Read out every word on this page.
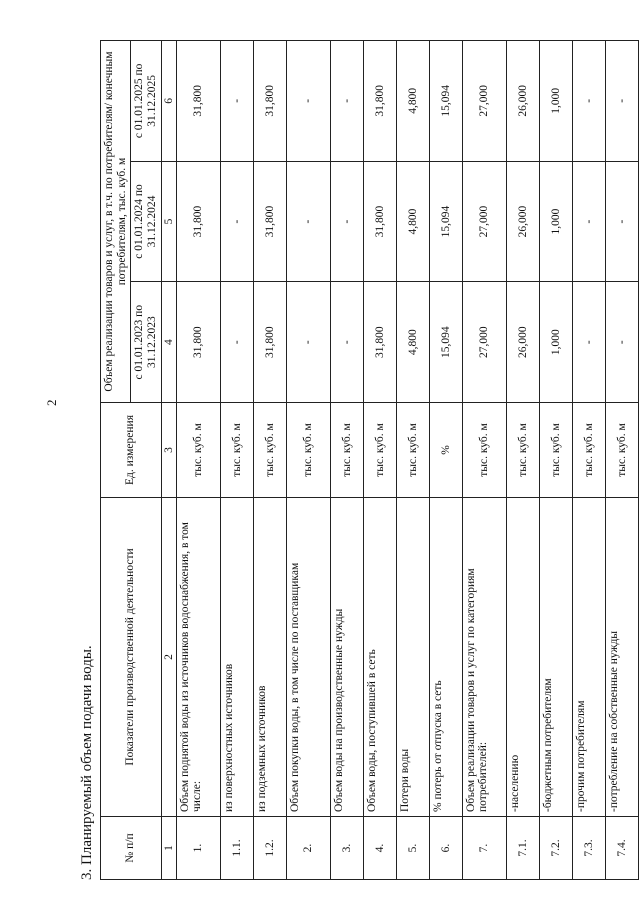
2
3. Планируемый объем подачи воды.	№ п/п	Показатели производственной деятельности	Ед. измерения	Объем реализации товаров и услуг, в т.ч. по потребителям/ конечным потребителям, тыс. куб. м		
			с 01.01.2023 по 31.12.2023	с 01.01.2024 по 31.12.2024	с 01.01.2025 по 31.12.2025
1	2	3	4	5	6
1.	Объем поднятой воды из источников водоснабжения, в том числе:	тыс. куб. м	31,800	31,800	31,800
1.1.	из поверхностных источников	тыс. куб. м	-	-	-
1.2.	из подземных источников	тыс. куб. м	31,800	31,800	31,800
2.	Объем покупки воды, в том числе по поставщикам	тыс. куб. м	-	-	-
3.	Объем воды на производственные нужды	тыс. куб. м	-	-	-
4.	Объем воды, поступившей в сеть	тыс. куб. м	31,800	31,800	31,800
5.	Потери воды	тыс. куб. м	4,800	4,800	4,800
6.	% потерь от отпуска в сеть	%	15,094	15,094	15,094
7.	Объем реализации товаров и услуг по категориям потребителей:	тыс. куб. м	27,000	27,000	27,000
7.1.	-населению	тыс. куб. м	26,000	26,000	26,000
7.2.	-бюджетным потребителям	тыс. куб. м	1,000	1,000	1,000
7.3.	-прочим потребителям	тыс. куб. м	-	-	-
7.4.	-потребление на собственные нужды	тыс. куб. м	-	-	-
